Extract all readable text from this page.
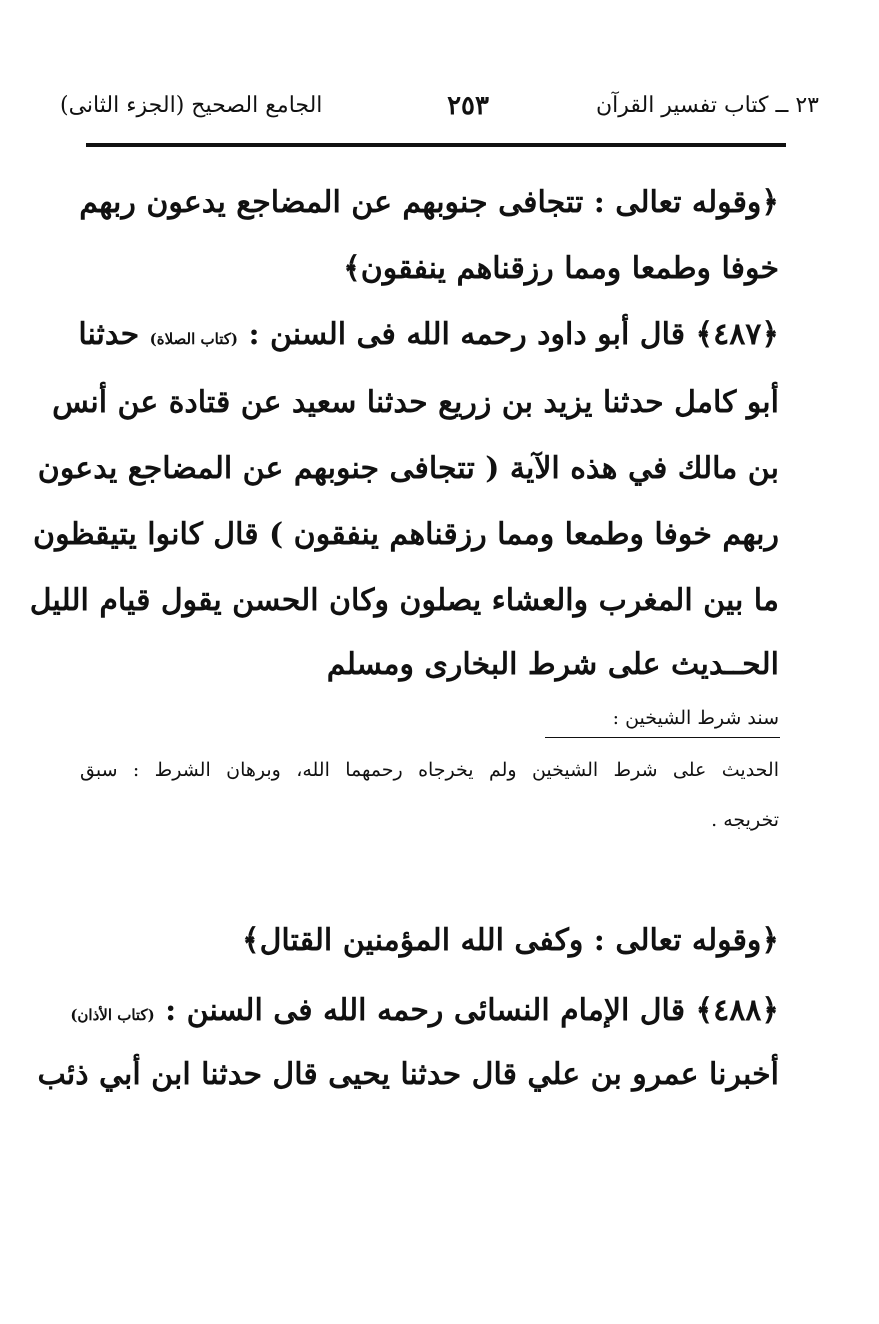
٢٣ ــ كتاب تفسير القرآن
٢٥٣
الجامع الصحيح (الجزء الثانى)
﴿وقوله تعالى : تتجافى جنوبهم عن المضاجع يدعون ربهم
خوفا وطمعا ومما رزقناهم ينفقون﴾
﴿٤٨٧﴾ قال أبو داود رحمه الله فى السنن : (كتاب الصلاة) حدثنا
أبو كامل حدثنا يزيد بن زريع حدثنا سعيد عن قتادة عن أنس
بن مالك في هذه الآية ( تتجافى جنوبهم عن المضاجع يدعون
ربهم خوفا وطمعا ومما رزقناهم ينفقون ) قال كانوا يتيقظون
ما بين المغرب والعشاء يصلون وكان الحسن يقول قيام الليل
الحــديث على شرط البخارى ومسلم
سند شرط الشيخين :
الحديث على شرط الشيخين ولم يخرجاه رحمهما الله، وبرهان الشرط : سبق
تخريجه .
﴿وقوله تعالى : وكفى الله المؤمنين القتال﴾
﴿٤٨٨﴾ قال الإمام النسائى رحمه الله فى السنن : (كتاب الأذان)
أخبرنا عمرو بن علي قال حدثنا يحيى قال حدثنا ابن أبي ذئب
